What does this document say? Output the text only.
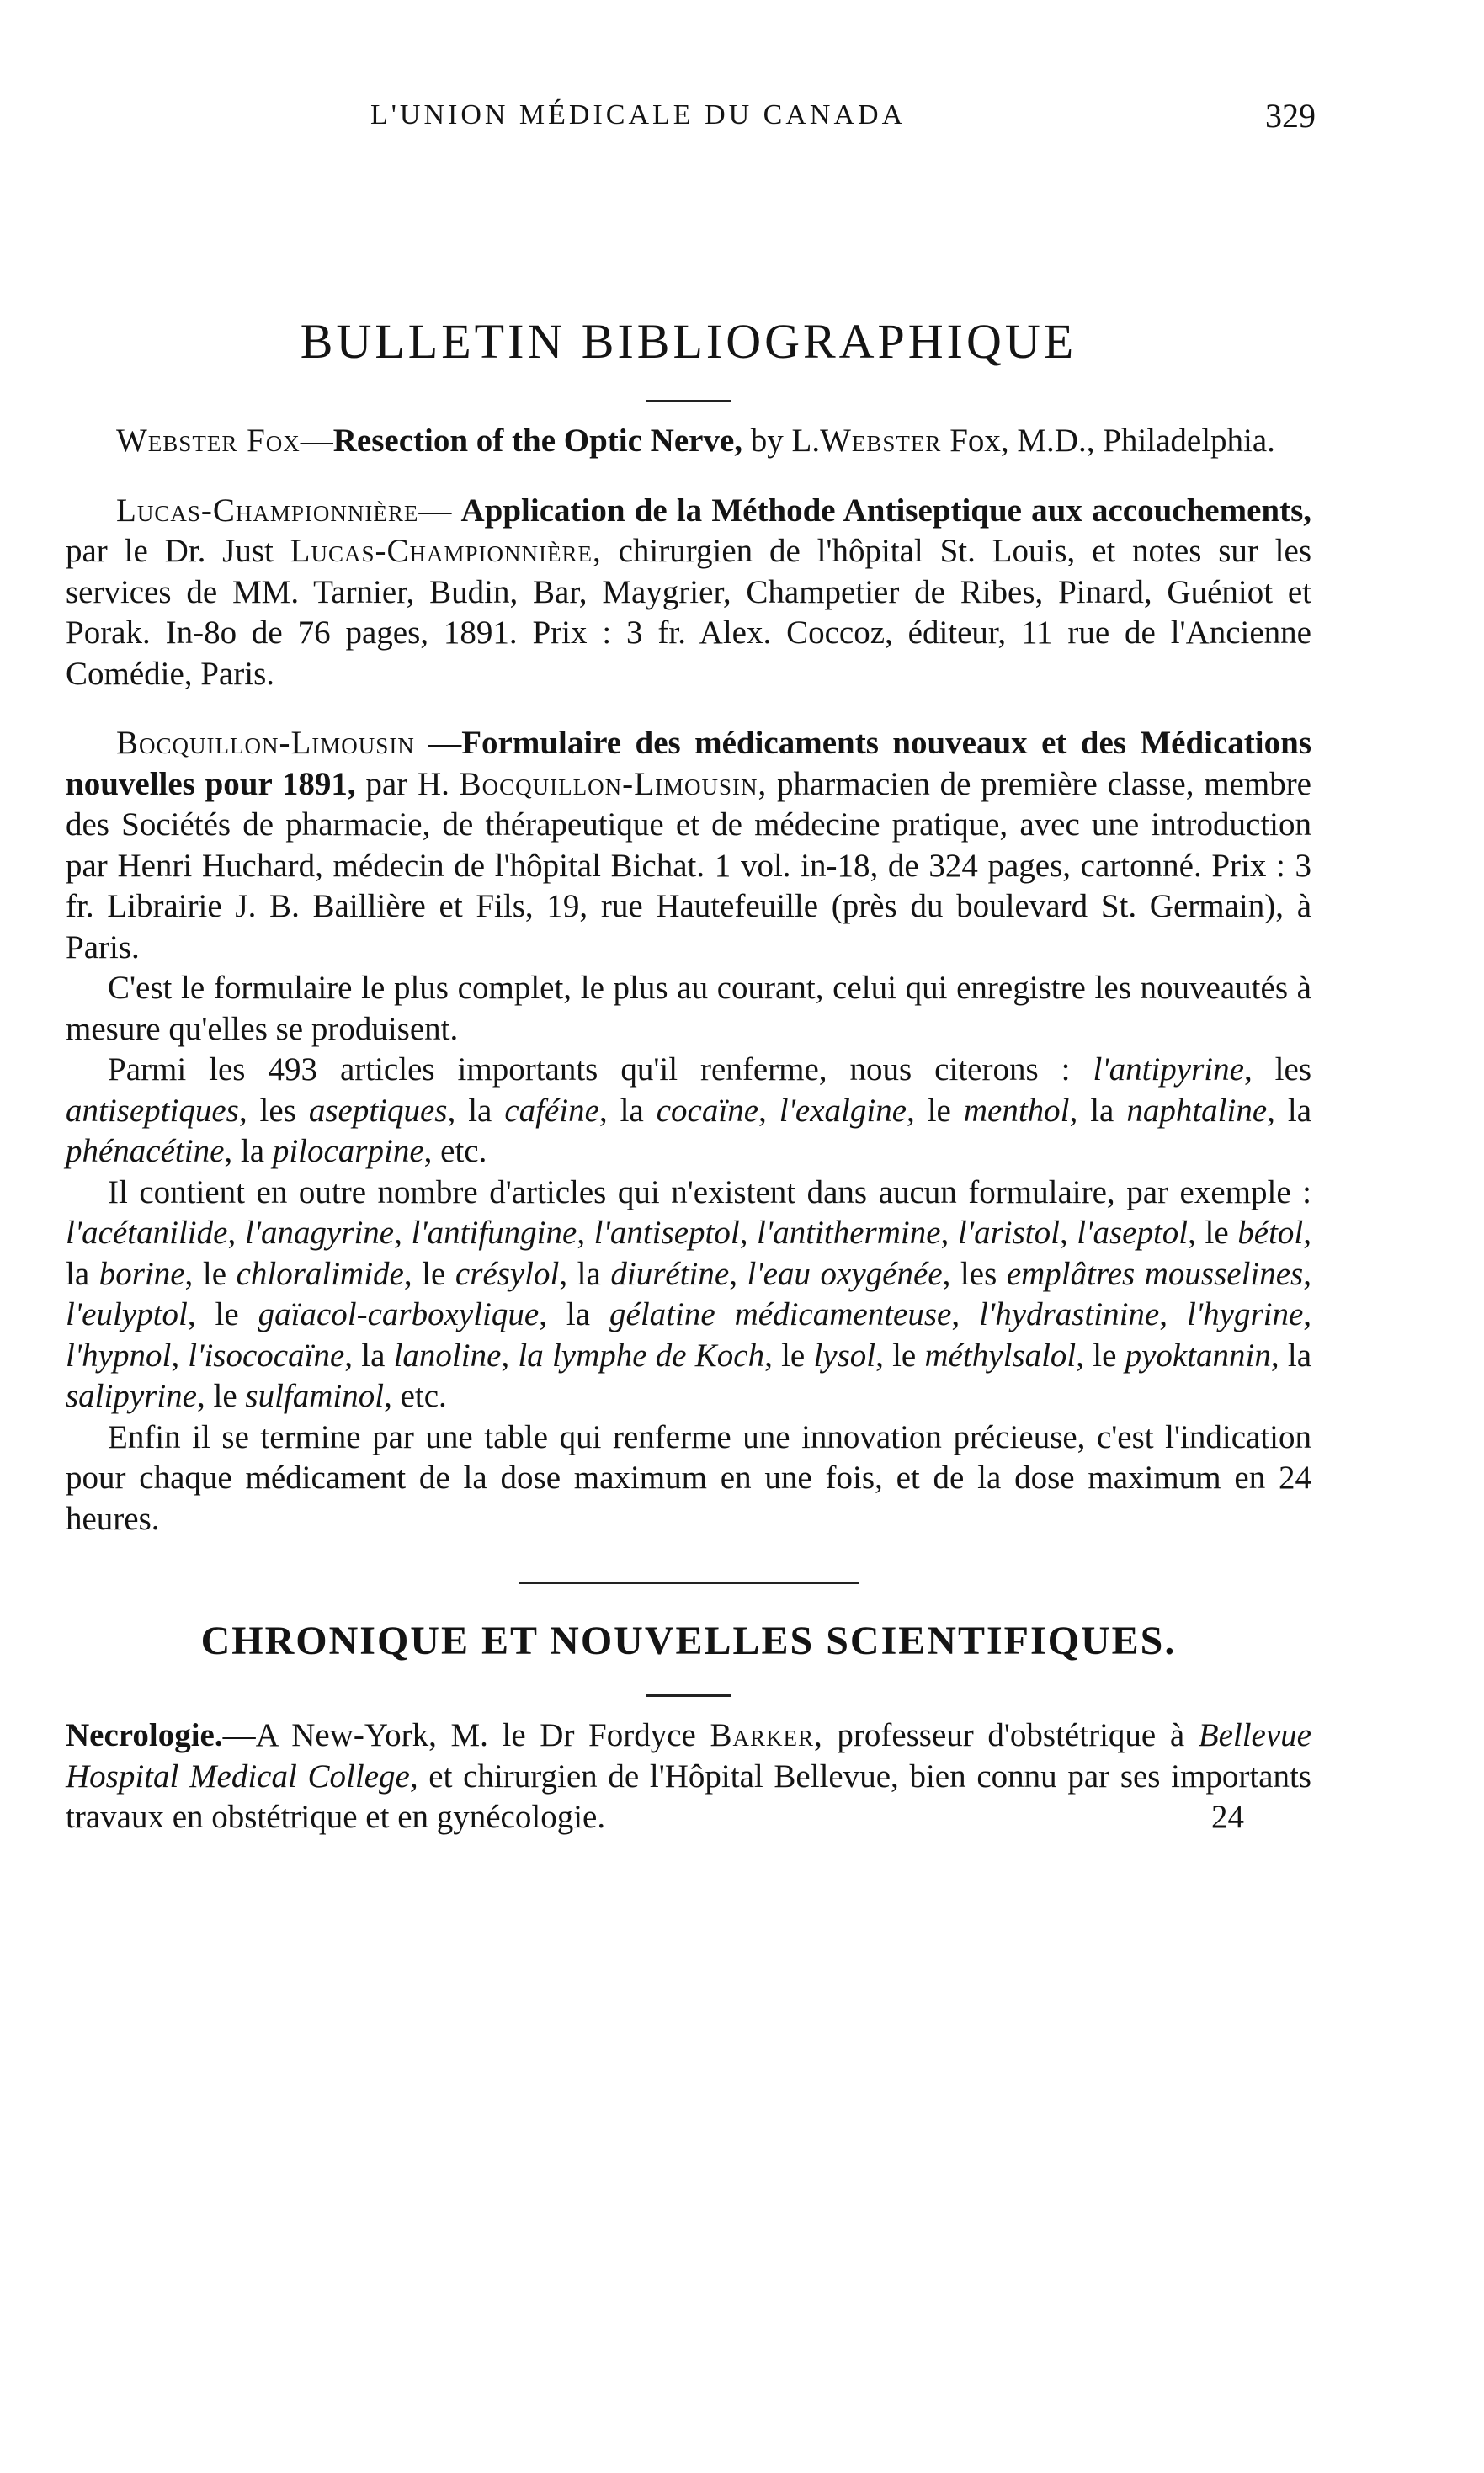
L'UNION MÉDICALE DU CANADA	329
BULLETIN BIBLIOGRAPHIQUE

Webster Fox—Resection of the Optic Nerve, by L.Webster Fox, M.D., Philadelphia.

Lucas-Championnière— Application de la Méthode Antiseptique aux accouchements, par le Dr. Just Lucas-Championnière, chirurgien de l'hôpital St. Louis, et notes sur les services de MM. Tarnier, Budin, Bar, Maygrier, Champetier de Ribes, Pinard, Guéniot et Porak. In-8o de 76 pages, 1891. Prix : 3 fr. Alex. Coccoz, éditeur, 11 rue de l'Ancienne Comédie, Paris.

Bocquillon-Limousin —Formulaire des médicaments nouveaux et des Médications nouvelles pour 1891, par H. Bocquillon-Limousin, pharmacien de première classe, membre des Sociétés de pharmacie, de thérapeutique et de médecine pratique, avec une introduction par Henri Huchard, médecin de l'hôpital Bichat. 1 vol. in-18, de 324 pages, cartonné. Prix : 3 fr. Librairie J. B. Baillière et Fils, 19, rue Hautefeuille (près du boulevard St. Germain), à Paris.

C'est le formulaire le plus complet, le plus au courant, celui qui enregistre les nouveautés à mesure qu'elles se produisent.

Parmi les 493 articles importants qu'il renferme, nous citerons : l'antipyrine, les antiseptiques, les aseptiques, la caféine, la cocaïne, l'exalgine, le menthol, la naphtaline, la phénacétine, la pilocarpine, etc.

Il contient en outre nombre d'articles qui n'existent dans aucun formulaire, par exemple : l'acétanilide, l'anagyrine, l'antifungine, l'antiseptol, l'antithermine, l'aristol, l'aseptol, le bétol, la borine, le chloralimide, le crésylol, la diurétine, l'eau oxygénée, les emplâtres mousselines, l'eulyptol, le gaïacol-carboxylique, la gélatine médicamenteuse, l'hydrastinine, l'hygrine, l'hypnol, l'isococaïne, la lanoline, la lymphe de Koch, le lysol, le méthylsalol, le pyoktannin, la salipyrine, le sulfaminol, etc.

Enfin il se termine par une table qui renferme une innovation précieuse, c'est l'indication pour chaque médicament de la dose maximum en une fois, et de la dose maximum en 24 heures.

CHRONIQUE ET NOUVELLES SCIENTIFIQUES.

Necrologie.—A New-York, M. le Dr Fordyce Barker, professeur d'obstétrique à Bellevue Hospital Medical College, et chirurgien de l'Hôpital Bellevue, bien connu par ses importants travaux en obstétrique et en gynécologie.	24
